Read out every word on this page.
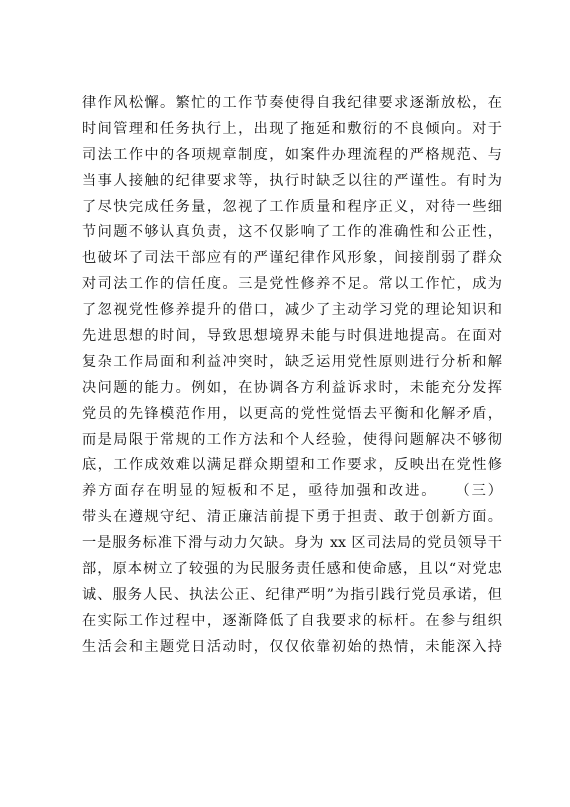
律作风松懈。繁忙的工作节奏使得自我纪律要求逐渐放松，在
时间管理和任务执行上，出现了拖延和敷衍的不良倾向。对于
司法工作中的各项规章制度，如案件办理流程的严格规范、与
当事人接触的纪律要求等，执行时缺乏以往的严谨性。有时为
了尽快完成任务量，忽视了工作质量和程序正义，对待一些细
节问题不够认真负责，这不仅影响了工作的准确性和公正性，
也破坏了司法干部应有的严谨纪律作风形象，间接削弱了群众
对司法工作的信任度。三是党性修养不足。常以工作忙，成为
了忽视党性修养提升的借口，减少了主动学习党的理论知识和
先进思想的时间，导致思想境界未能与时俱进地提高。在面对
复杂工作局面和利益冲突时，缺乏运用党性原则进行分析和解
决问题的能力。例如，在协调各方利益诉求时，未能充分发挥
党员的先锋模范作用，以更高的党性觉悟去平衡和化解矛盾，
而是局限于常规的工作方法和个人经验，使得问题解决不够彻
底，工作成效难以满足群众期望和工作要求，反映出在党性修
养方面存在明显的短板和不足，亟待加强和改进。　　（三）
带头在遵规守纪、清正廉洁前提下勇于担责、敢于创新方面。
一是服务标准下滑与动力欠缺。身为 xx 区司法局的党员领导干
部，原本树立了较强的为民服务责任感和使命感，且以“对党忠
诚、服务人民、执法公正、纪律严明”为指引践行党员承诺，但
在实际工作过程中，逐渐降低了自我要求的标杆。在参与组织
生活会和主题党日活动时，仅仅依靠初始的热情，未能深入持
